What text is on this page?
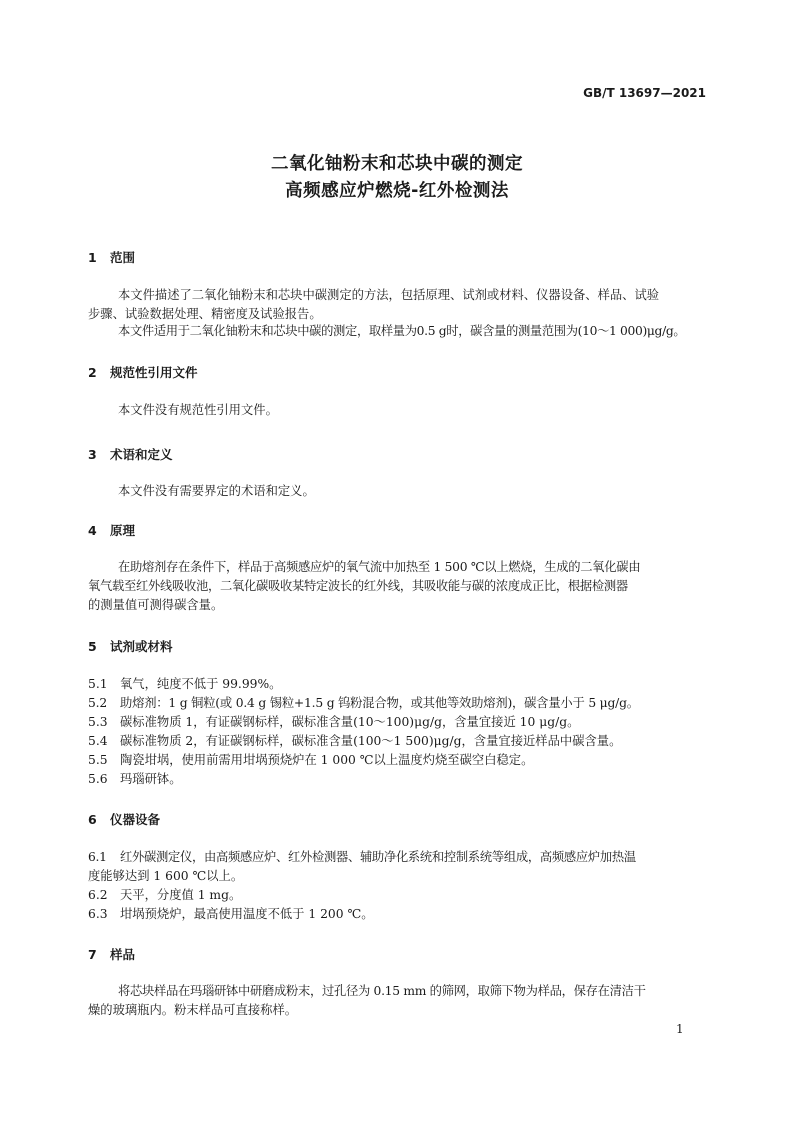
GB/T 13697—2021
二氧化铀粉末和芯块中碳的测定
高频感应炉燃烧-红外检测法
1 范围
本文件描述了二氧化铀粉末和芯块中碳测定的方法，包括原理、试剂或材料、仪器设备、样品、试验
步骤、试验数据处理、精密度及试验报告。
本文件适用于二氧化铀粉末和芯块中碳的测定，取样量为0.5 g时，碳含量的测量范围为(10～1 000)μg/g。
2 规范性引用文件
本文件没有规范性引用文件。
3 术语和定义
本文件没有需要界定的术语和定义。
4 原理
在助熔剂存在条件下，样品于高频感应炉的氧气流中加热至 1 500 ℃以上燃烧，生成的二氧化碳由
氧气载至红外线吸收池，二氧化碳吸收某特定波长的红外线，其吸收能与碳的浓度成正比，根据检测器
的测量值可测得碳含量。
5 试剂或材料
5.1 氧气，纯度不低于 99.99%。
5.2 助熔剂：1 g 铜粒(或 0.4 g 锡粒+1.5 g 钨粉混合物，或其他等效助熔剂)，碳含量小于 5 μg/g。
5.3 碳标准物质 1，有证碳钢标样，碳标准含量(10～100)μg/g，含量宜接近 10 μg/g。
5.4 碳标准物质 2，有证碳钢标样，碳标准含量(100～1 500)μg/g，含量宜接近样品中碳含量。
5.5 陶瓷坩埚，使用前需用坩埚预烧炉在 1 000 ℃以上温度灼烧至碳空白稳定。
5.6 玛瑙研钵。
6 仪器设备
6.1 红外碳测定仪，由高频感应炉、红外检测器、辅助净化系统和控制系统等组成，高频感应炉加热温
度能够达到 1 600 ℃以上。
6.2 天平，分度值 1 mg。
6.3 坩埚预烧炉，最高使用温度不低于 1 200 ℃。
7 样品
将芯块样品在玛瑙研钵中研磨成粉末，过孔径为 0.15 mm 的筛网，取筛下物为样品，保存在清洁干
燥的玻璃瓶内。粉末样品可直接称样。
1
